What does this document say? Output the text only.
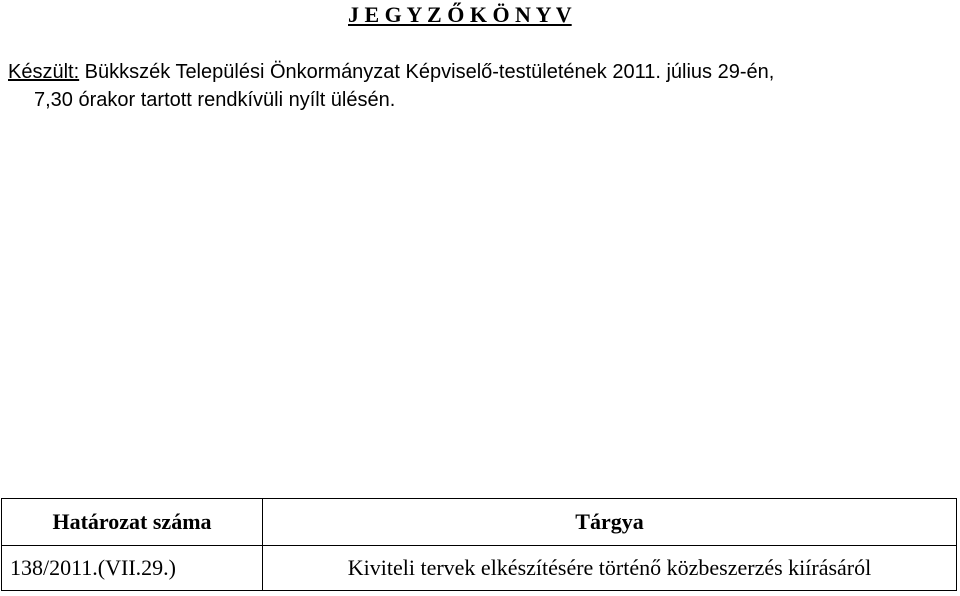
J E G Y Z Ő K Ö N Y V
Készült: Bükkszék Települési Önkormányzat Képviselő-testületének 2011. július 29-én,
7,30 órakor tartott rendkívüli nyílt ülésén.
Határozat száma	Tárgya
138/2011.(VII.29.)	Kiviteli tervek elkészítésére történő közbeszerzés kiírásáról
